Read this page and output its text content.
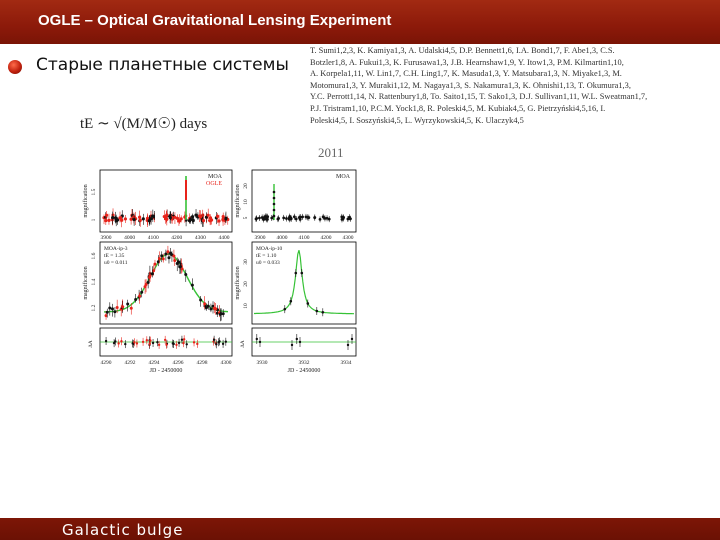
OGLE – Optical Gravitational Lensing Experiment
Старые планетные системы
T. Sumi1,2,3, K. Kamiya1,3, A. Udalski4,5, D.P. Bennett1,6, I.A. Bond1,7, F. Abe1,3, C.S.
Botzler1,8, A. Fukui1,3, K. Furusawa1,3, J.B. Hearnshaw1,9, Y. Itow1,3, P.M. Kilmartin1,10,
A. Korpela1,11, W. Lin1,7, C.H. Ling1,7, K. Masuda1,3, Y. Matsubara1,3, N. Miyake1,3, M.
Motomura1,3, Y. Muraki1,12, M. Nagaya1,3, S. Nakamura1,3, K. Ohnishi1,13, T. Okumura1,3,
Y.C. Perrott1,14, N. Rattenbury1,8, To. Saito1,15, T. Sako1,3, D.J. Sullivan1,11, W.L. Sweatman1,7,
P.J. Tristram1,10, P.C.M. Yock1,8, R. Poleski4,5, M. Kubiak4,5, G. Pietrzyński4,5,16, I.
Poleski4,5, I. Soszyński4,5, L. Wyrzykowski4,5, K. Ulaczyk4,5
tE ∼ √(M/M☉) days
2011
MOA
OGLE
3900 4000 4100 4200 4300 4400
magnification
1
1.5
MOA
3900 4000 4100 4200 4300
magnification
5
10
20
MOA-ip-3
tE = 1.35
u0 = 0.011
magnification
1.2
1.4
1.6
MOA-ip-10
tE = 1.10
u0 = 0.033
magnification
10
20
30
ΔA
4290 4292 4294 4296 4298 4300
JD - 2450000
ΔA
3930	3932	3934
JD - 2450000
Galactic bulge
